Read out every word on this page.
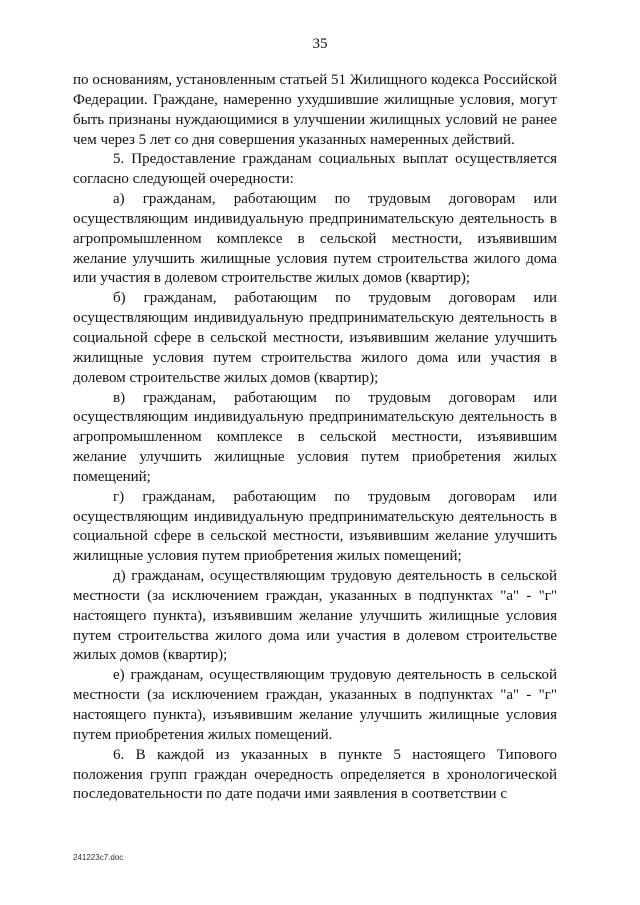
35

по основаниям, установленным статьей 51 Жилищного кодекса Российской Федерации. Граждане, намеренно ухудшившие жилищные условия, могут быть признаны нуждающимися в улучшении жилищных условий не ранее чем через 5 лет со дня совершения указанных намеренных действий.

5. Предоставление гражданам социальных выплат осуществляется согласно следующей очередности:

а) гражданам, работающим по трудовым договорам или осуществляющим индивидуальную предпринимательскую деятельность в агропромышленном комплексе в сельской местности, изъявившим желание улучшить жилищные условия путем строительства жилого дома или участия в долевом строительстве жилых домов (квартир);

б) гражданам, работающим по трудовым договорам или осуществляющим индивидуальную предпринимательскую деятельность в социальной сфере в сельской местности, изъявившим желание улучшить жилищные условия путем строительства жилого дома или участия в долевом строительстве жилых домов (квартир);

в) гражданам, работающим по трудовым договорам или осуществляющим индивидуальную предпринимательскую деятельность в агропромышленном комплексе в сельской местности, изъявившим желание улучшить жилищные условия путем приобретения жилых помещений;

г) гражданам, работающим по трудовым договорам или осуществляющим индивидуальную предпринимательскую деятельность в социальной сфере в сельской местности, изъявившим желание улучшить жилищные условия путем приобретения жилых помещений;

д) гражданам, осуществляющим трудовую деятельность в сельской местности (за исключением граждан, указанных в подпунктах "а" - "г" настоящего пункта), изъявившим желание улучшить жилищные условия путем строительства жилого дома или участия в долевом строительстве жилых домов (квартир);

е) гражданам, осуществляющим трудовую деятельность в сельской местности (за исключением граждан, указанных в подпунктах "а" - "г" настоящего пункта), изъявившим желание улучшить жилищные условия путем приобретения жилых помещений.

6. В каждой из указанных в пункте 5 настоящего Типового положения групп граждан очередность определяется в хронологической последовательности по дате подачи ими заявления в соответствии с

241223с7.doc
